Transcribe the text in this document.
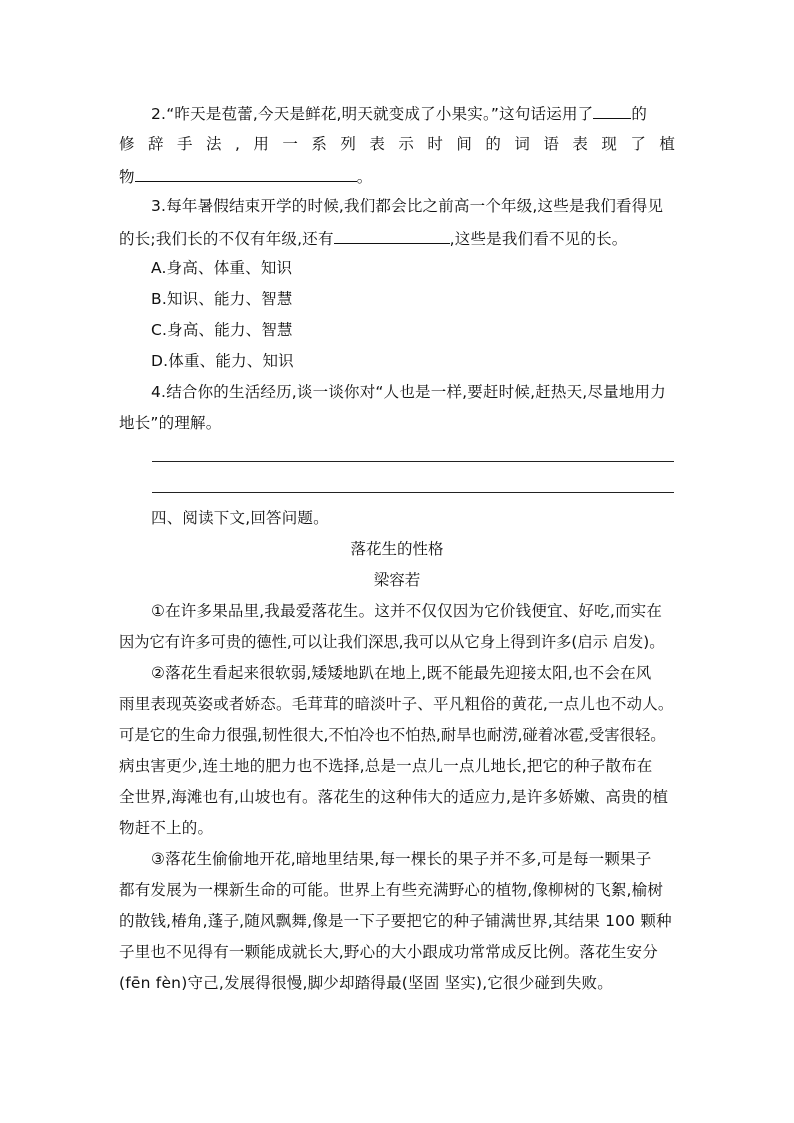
2.“昨天是苞蕾,今天是鲜花,明天就变成了小果实。”这句话运用了 的
修 辞 手 法 , 用 一 系 列 表 示 时 间 的 词 语 表 现 了 植
物	。
3.每年暑假结束开学的时候,我们都会比之前高一个年级,这些是我们看得见
的长;我们长的不仅有年级,还有	,这些是我们看不见的长。
A.身高、体重、知识
B.知识、能力、智慧
C.身高、能力、智慧
D.体重、能力、知识
4.结合你的生活经历,谈一谈你对“人也是一样,要赶时候,赶热天,尽量地用力
地长”的理解。
四、阅读下文,回答问题。
落花生的性格
梁容若
①在许多果品里,我最爱落花生。这并不仅仅因为它价钱便宜、好吃,而实在
因为它有许多可贵的德性,可以让我们深思,我可以从它身上得到许多(启示 启发)。
②落花生看起来很软弱,矮矮地趴在地上,既不能最先迎接太阳,也不会在风
雨里表现英姿或者娇态。毛茸茸的暗淡叶子、平凡粗俗的黄花,一点儿也不动人。
可是它的生命力很强,韧性很大,不怕冷也不怕热,耐旱也耐涝,碰着冰雹,受害很轻。
病虫害更少,连土地的肥力也不选择,总是一点儿一点儿地长,把它的种子散布在
全世界,海滩也有,山坡也有。落花生的这种伟大的适应力,是许多娇嫩、高贵的植
物赶不上的。
③落花生偷偷地开花,暗地里结果,每一棵长的果子并不多,可是每一颗果子
都有发展为一棵新生命的可能。世界上有些充满野心的植物,像柳树的飞絮,榆树
的散钱,椿角,蓬子,随风飘舞,像是一下子要把它的种子铺满世界,其结果 100 颗种
子里也不见得有一颗能成就长大,野心的大小跟成功常常成反比例。落花生安分
(fēn fèn)守己,发展得很慢,脚少却踏得最(坚固 坚实),它很少碰到失败。
